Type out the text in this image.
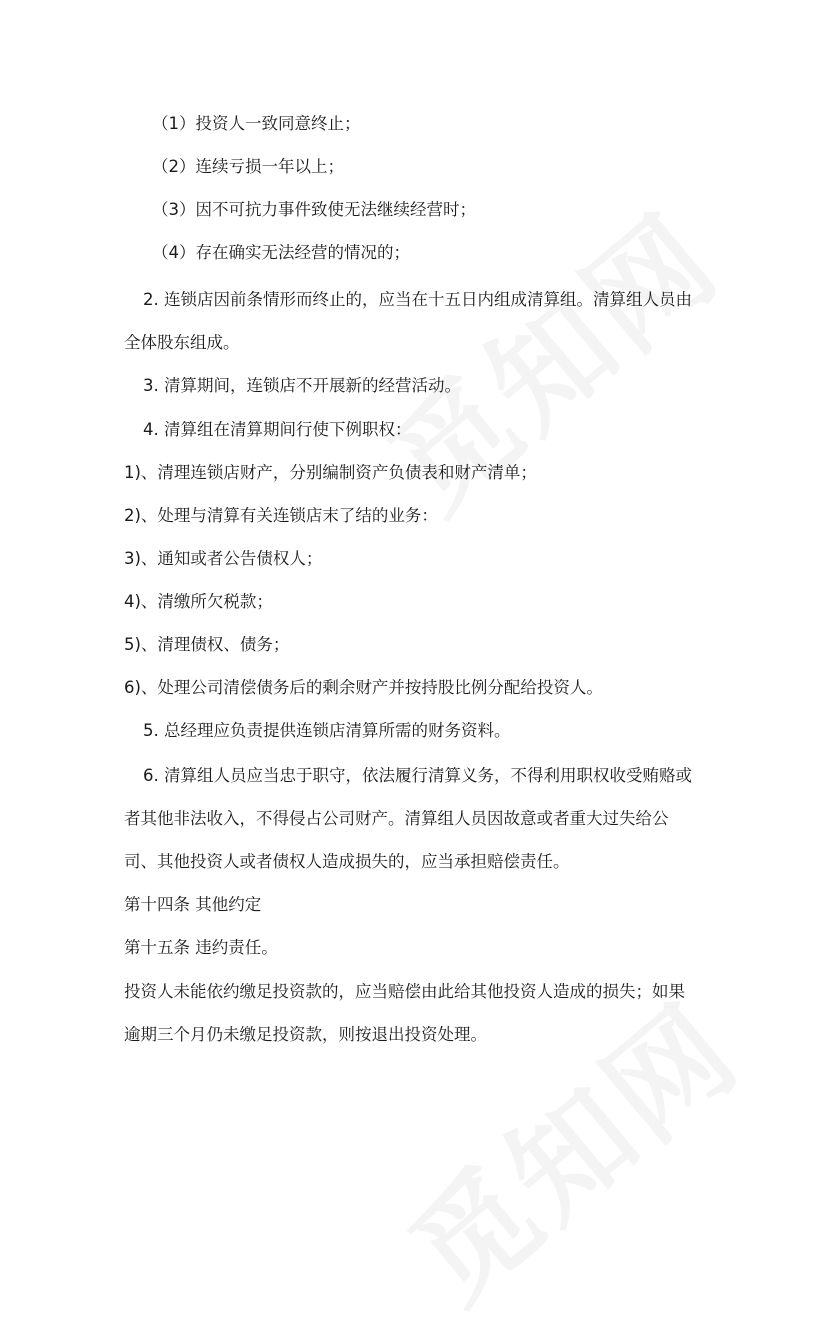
（1）投资人一致同意终止；
（2）连续亏损一年以上；
（3）因不可抗力事件致使无法继续经营时；
（4）存在确实无法经营的情况的；
2. 连锁店因前条情形而终止的，应当在十五日内组成清算组。清算组人员由
全体股东组成。
3. 清算期间，连锁店不开展新的经营活动。
4. 清算组在清算期间行使下例职权：
1)、清理连锁店财产，分别编制资产负债表和财产清单；
2)、处理与清算有关连锁店末了结的业务：
3)、通知或者公告债权人；
4)、清缴所欠税款；
5)、清理债权、债务；
6)、处理公司清偿债务后的剩余财产并按持股比例分配给投资人。
5. 总经理应负责提供连锁店清算所需的财务资料。
6. 清算组人员应当忠于职守，依法履行清算义务，不得利用职权收受贿赂或
者其他非法收入，不得侵占公司财产。清算组人员因故意或者重大过失给公
司、其他投资人或者债权人造成损失的，应当承担赔偿责任。
第十四条 其他约定
第十五条 违约责任。
投资人未能依约缴足投资款的，应当赔偿由此给其他投资人造成的损失；如果
逾期三个月仍未缴足投资款，则按退出投资处理。
